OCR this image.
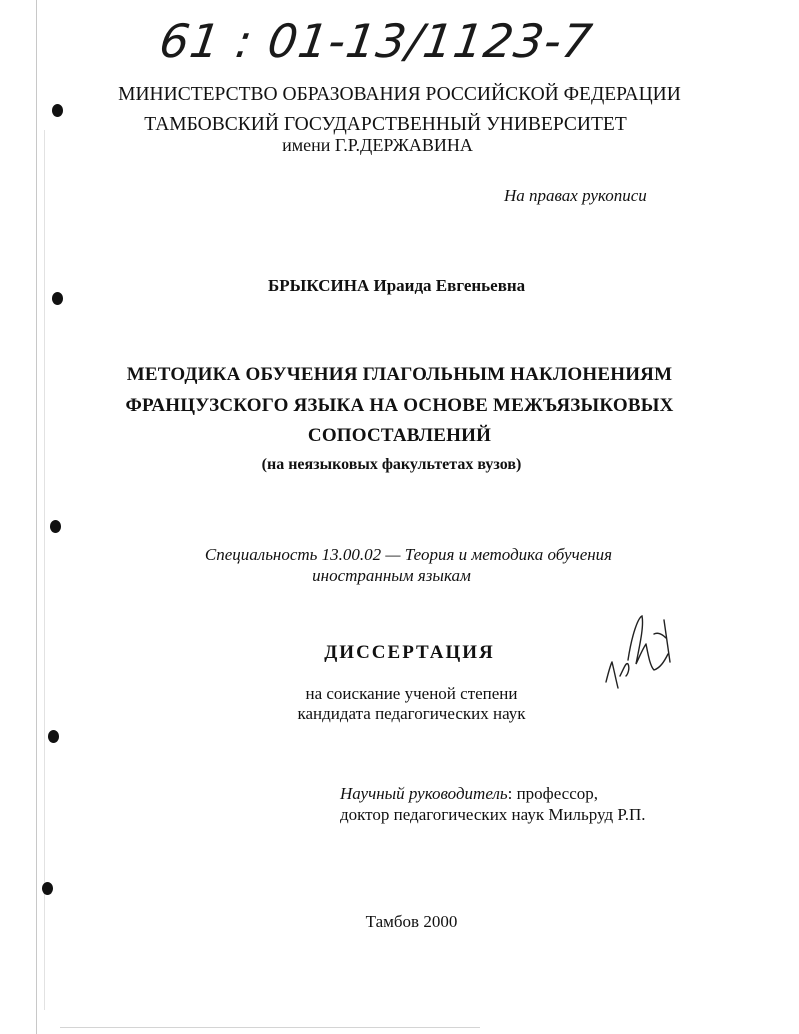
61 : 01-13/1123-7
МИНИСТЕРСТВО ОБРАЗОВАНИЯ РОССИЙСКОЙ ФЕДЕРАЦИИ
ТАМБОВСКИЙ ГОСУДАРСТВЕННЫЙ УНИВЕРСИТЕТ
имени Г.Р.ДЕРЖАВИНА
На правах рукописи
БРЫКСИНА Ираида Евгеньевна
МЕТОДИКА ОБУЧЕНИЯ ГЛАГОЛЬНЫМ НАКЛОНЕНИЯМ
ФРАНЦУЗСКОГО ЯЗЫКА НА ОСНОВЕ МЕЖЪЯЗЫКОВЫХ
СОПОСТАВЛЕНИЙ
(на неязыковых факультетах вузов)
Специальность 13.00.02 — Теория и методика обучения
иностранным языкам
ДИССЕРТАЦИЯ
на соискание ученой степени
кандидата педагогических наук
Научный руководитель: профессор,
доктор педагогических наук Мильруд Р.П.
Тамбов 2000
